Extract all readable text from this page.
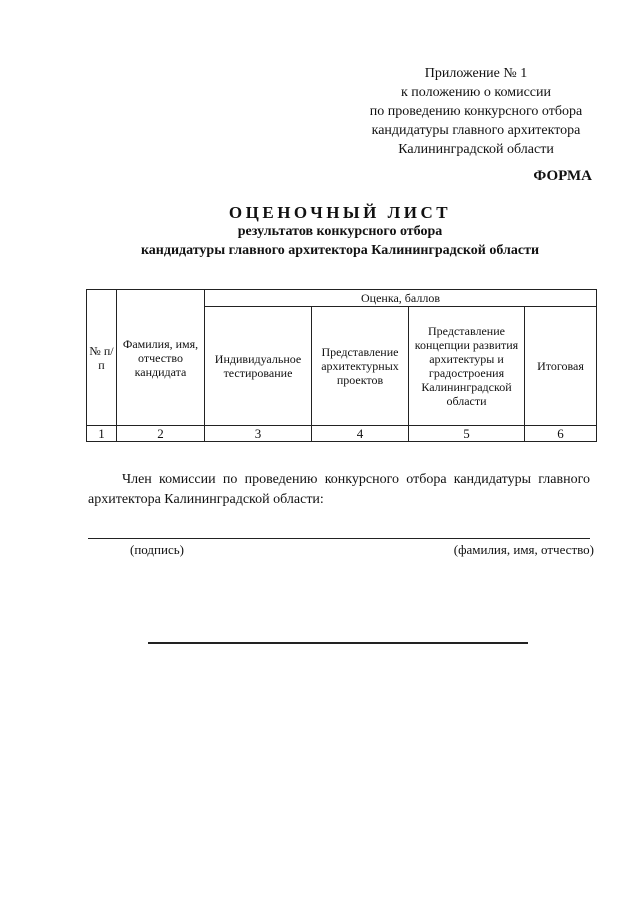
Приложение № 1
к положению о комиссии
по проведению конкурсного отбора
кандидатуры главного архитектора
Калининградской области
ФОРМА
ОЦЕНОЧНЫЙ ЛИСТ
результатов конкурсного отбора
кандидатуры главного архитектора Калининградской области
№ п/п	Фамилия, имя, отчество кандидата	Оценка, баллов			
		Индивидуальное тестирование	Представление архитектурных проектов	Представление концепции развития архитектуры и градостроения Калининградской области	Итоговая
1	2	3	4	5	6
Член комиссии по проведению конкурсного отбора кандидатуры главного архитектора Калининградской области:
(подпись)	(фамилия, имя, отчество)
